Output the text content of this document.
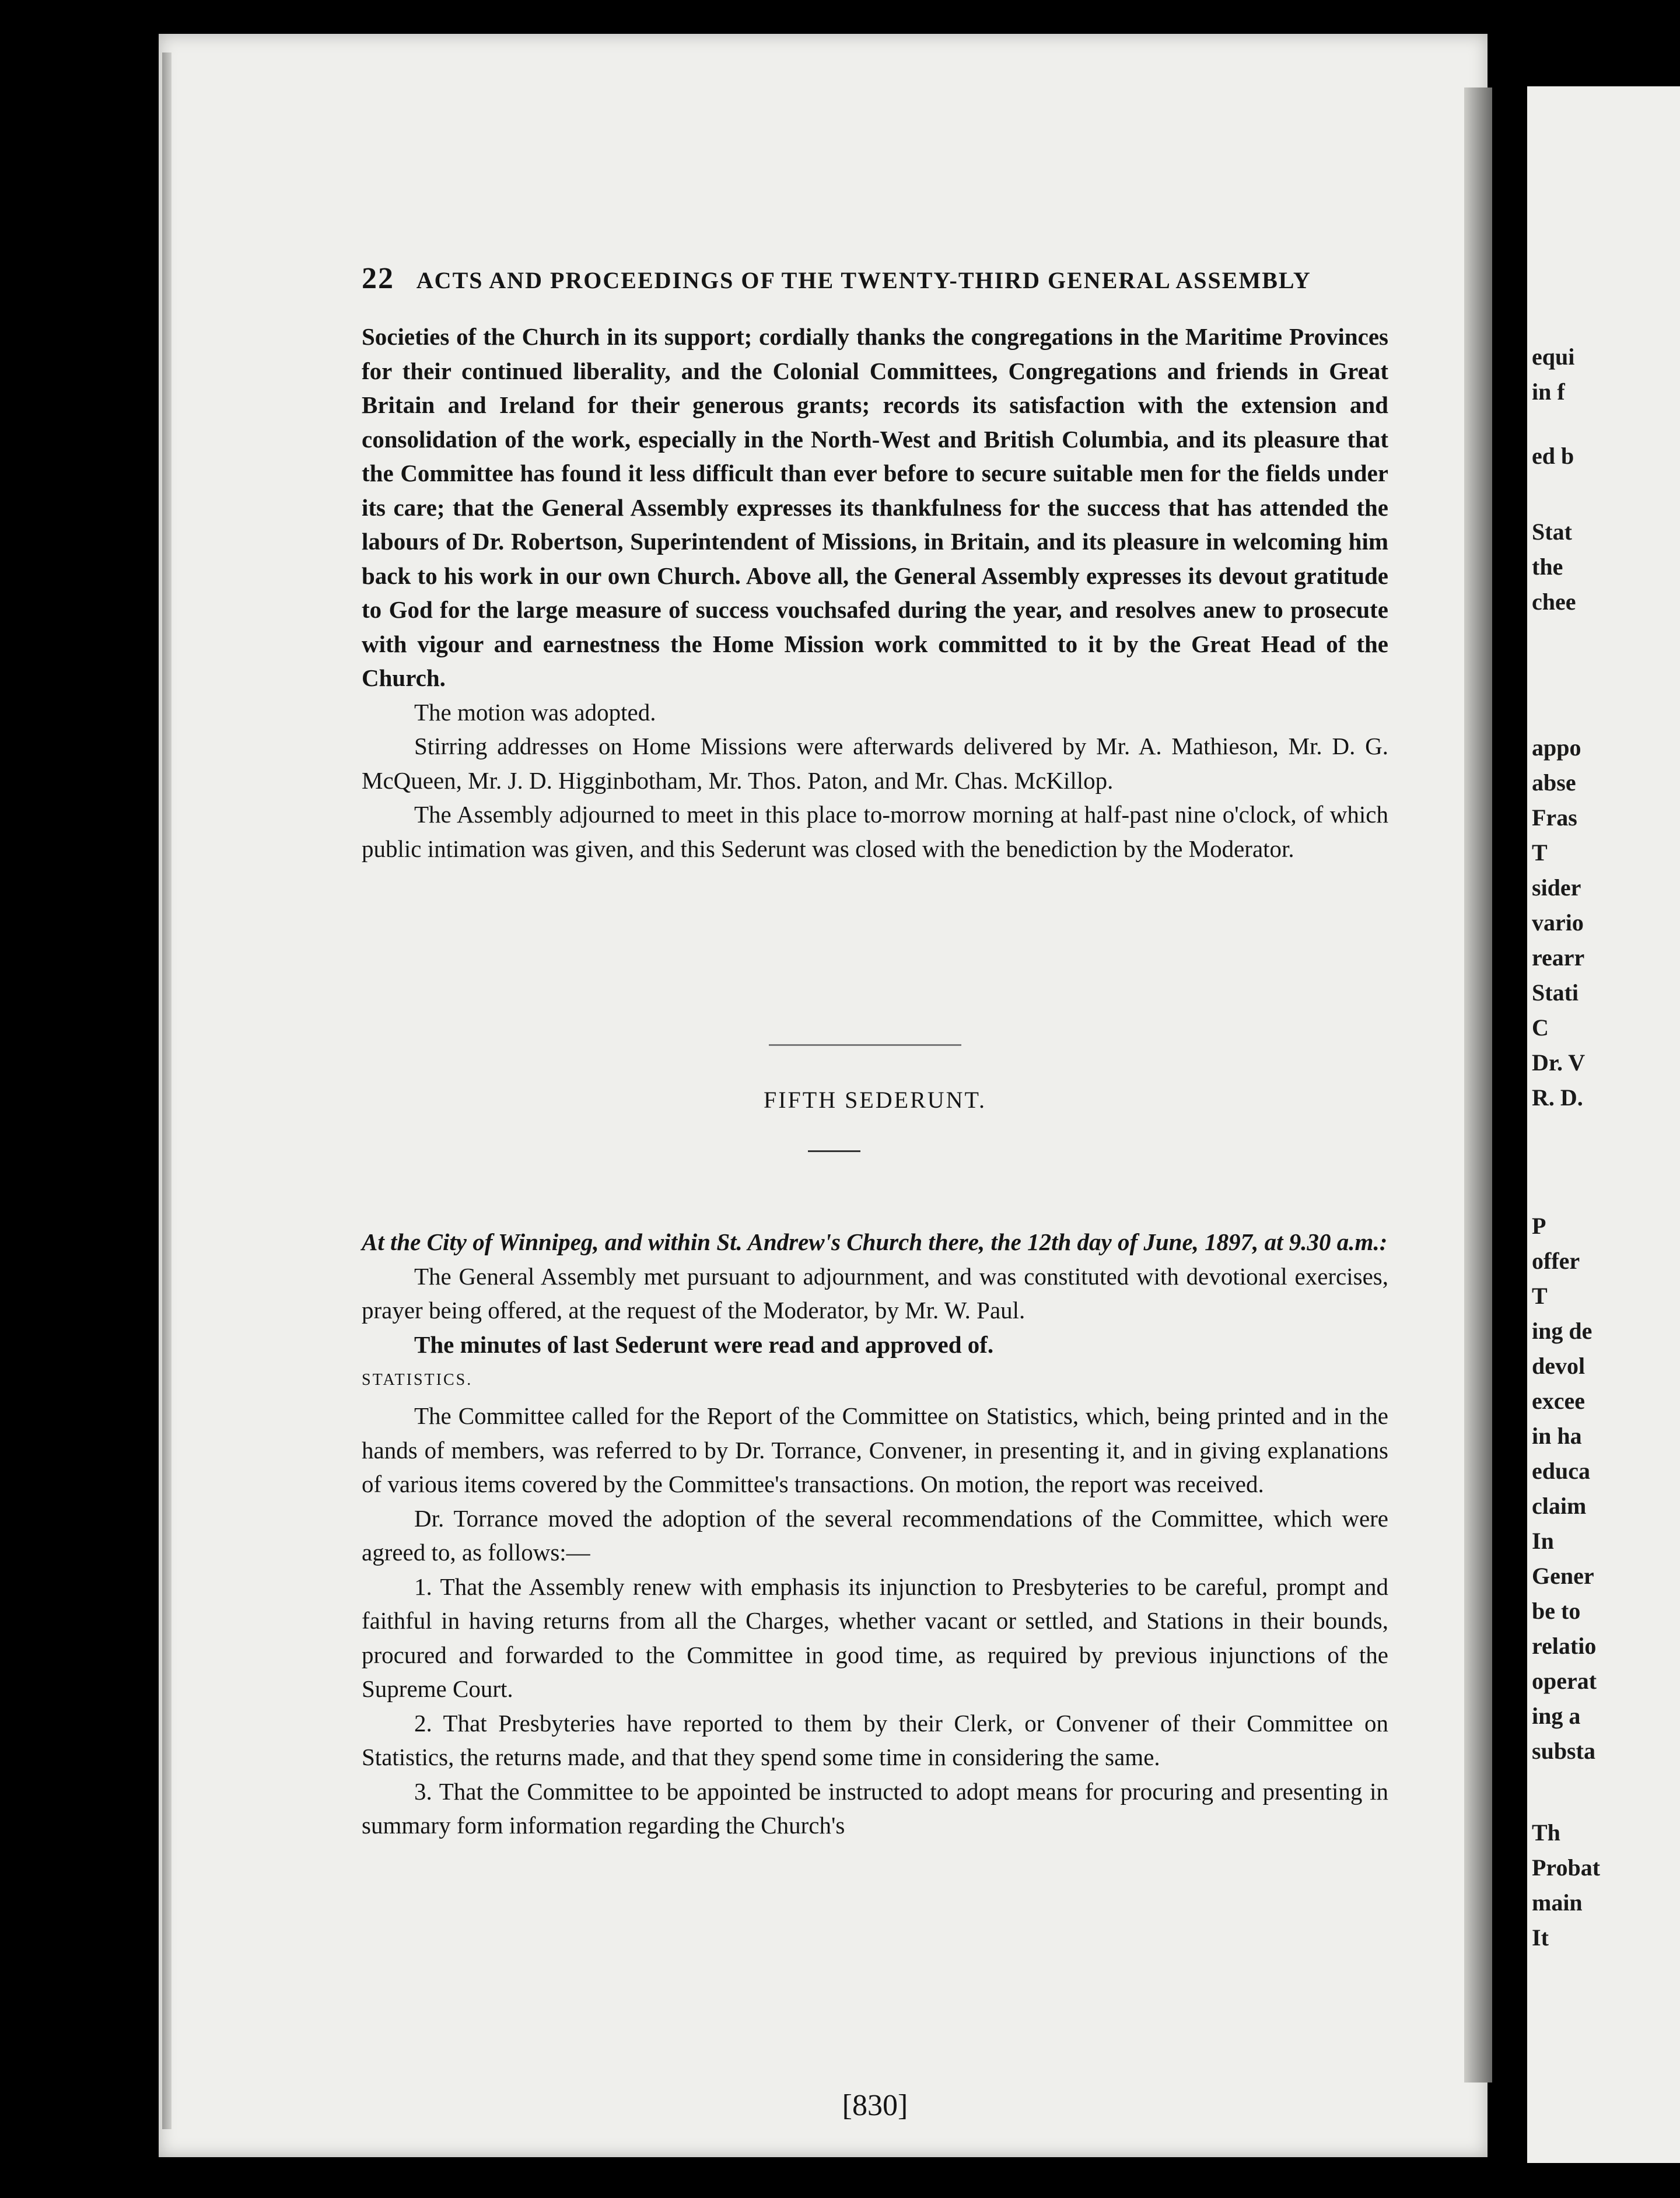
22 ACTS AND PROCEEDINGS OF THE TWENTY-THIRD GENERAL ASSEMBLY

Societies of the Church in its support; cordially thanks the congregations in the Maritime Provinces for their continued liberality, and the Colonial Committees, Congregations and friends in Great Britain and Ireland for their generous grants; records its satisfaction with the extension and consolidation of the work, especially in the North-West and British Columbia, and its pleasure that the Committee has found it less difficult than ever before to secure suitable men for the fields under its care; that the General Assembly expresses its thankfulness for the success that has attended the labours of Dr. Robertson, Superintendent of Missions, in Britain, and its pleasure in welcoming him back to his work in our own Church. Above all, the General Assembly expresses its devout gratitude to God for the large measure of success vouchsafed during the year, and resolves anew to prosecute with vigour and earnestness the Home Mission work committed to it by the Great Head of the Church.

The motion was adopted.

Stirring addresses on Home Missions were afterwards delivered by Mr. A. Mathieson, Mr. D. G. McQueen, Mr. J. D. Higginbotham, Mr. Thos. Paton, and Mr. Chas. McKillop.

The Assembly adjourned to meet in this place to-morrow morning at half-past nine o'clock, of which public intimation was given, and this Sederunt was closed with the benediction by the Moderator.

FIFTH SEDERUNT.

At the City of Winnipeg, and within St. Andrew's Church there, the 12th day of June, 1897, at 9.30 a.m.:

The General Assembly met pursuant to adjournment, and was constituted with devotional exercises, prayer being offered, at the request of the Moderator, by Mr. W. Paul.

The minutes of last Sederunt were read and approved of.

STATISTICS.

The Committee called for the Report of the Committee on Statistics, which, being printed and in the hands of members, was referred to by Dr. Torrance, Convener, in presenting it, and in giving explanations of various items covered by the Committee's transactions. On motion, the report was received.

Dr. Torrance moved the adoption of the several recommendations of the Committee, which were agreed to, as follows:—

1. That the Assembly renew with emphasis its injunction to Presbyteries to be careful, prompt and faithful in having returns from all the Charges, whether vacant or settled, and Stations in their bounds, procured and forwarded to the Committee in good time, as required by previous injunctions of the Supreme Court.

2. That Presbyteries have reported to them by their Clerk, or Convener of their Committee on Statistics, the returns made, and that they spend some time in considering the same.

3. That the Committee to be appointed be instructed to adopt means for procuring and presenting in summary form information regarding the Church's

[830]
equi
in f
ed b
Stat
the
chee
appo
abse
Fras
T
sider
vario
rearr
Stati
C
Dr. V
R. D.
P
offer
T
ing de
devol
excee
in ha
educa
claim
In
Gener
be to
relatio
operat
ing a
substa
Th
Probat
main
It
